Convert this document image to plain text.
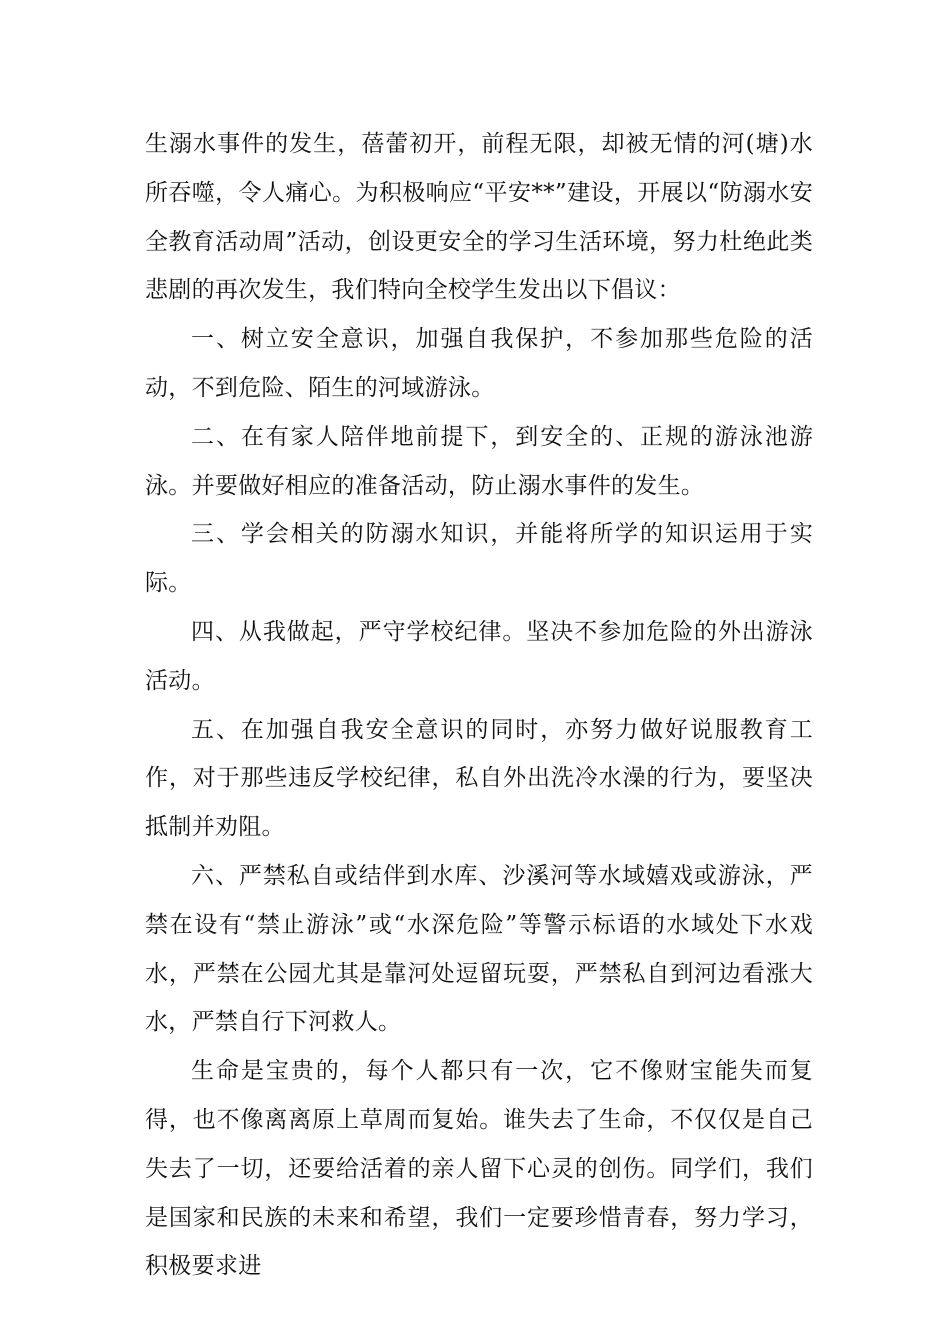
生溺水事件的发生，蓓蕾初开，前程无限，却被无情的河(塘)水所吞噬，令人痛心。为积极响应“平安**”建设，开展以“防溺水安全教育活动周”活动，创设更安全的学习生活环境，努力杜绝此类悲剧的再次发生，我们特向全校学生发出以下倡议：

一、树立安全意识，加强自我保护，不参加那些危险的活动，不到危险、陌生的河域游泳。

二、在有家人陪伴地前提下，到安全的、正规的游泳池游泳。并要做好相应的准备活动，防止溺水事件的发生。

三、学会相关的防溺水知识，并能将所学的知识运用于实际。

四、从我做起，严守学校纪律。坚决不参加危险的外出游泳活动。

五、在加强自我安全意识的同时，亦努力做好说服教育工作，对于那些违反学校纪律，私自外出洗冷水澡的行为，要坚决抵制并劝阻。

六、严禁私自或结伴到水库、沙溪河等水域嬉戏或游泳，严禁在设有“禁止游泳”或“水深危险”等警示标语的水域处下水戏水，严禁在公园尤其是靠河处逗留玩耍，严禁私自到河边看涨大水，严禁自行下河救人。

生命是宝贵的，每个人都只有一次，它不像财宝能失而复得，也不像离离原上草周而复始。谁失去了生命，不仅仅是自己失去了一切，还要给活着的亲人留下心灵的创伤。同学们，我们是国家和民族的未来和希望，我们一定要珍惜青春，努力学习，积极要求进
